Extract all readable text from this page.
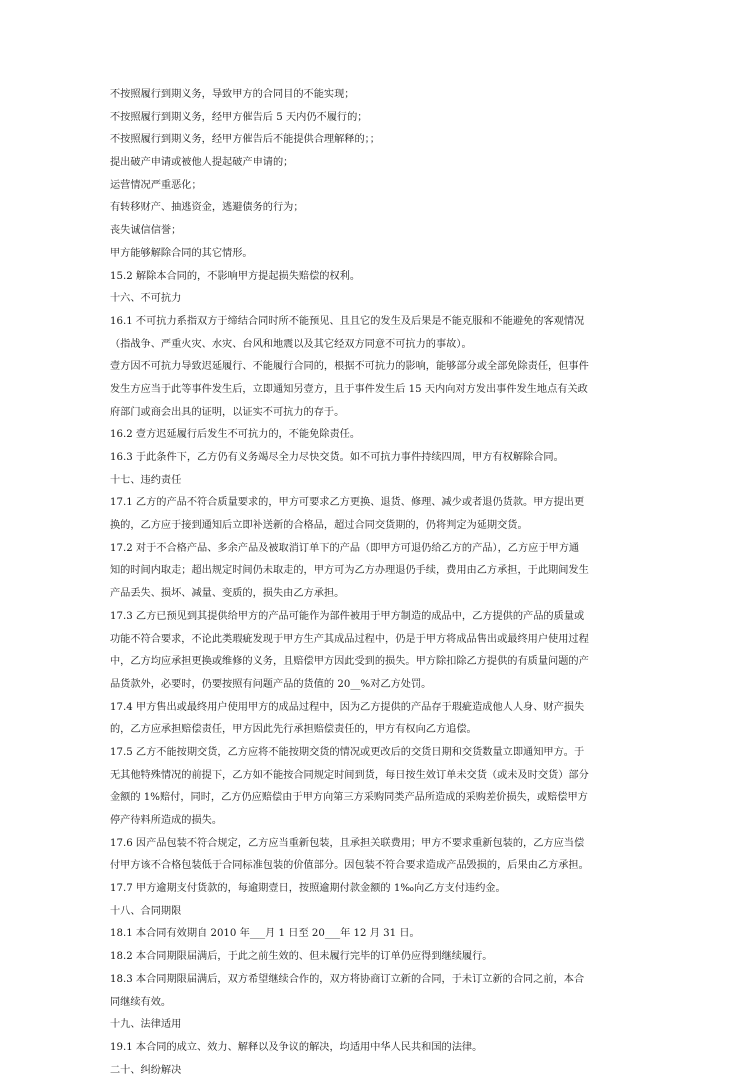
不按照履行到期义务，导致甲方的合同目的不能实现；
不按照履行到期义务，经甲方催告后 5 天内仍不履行的；
不按照履行到期义务，经甲方催告后不能提供合理解释的；；
提出破产申请或被他人提起破产申请的；
运营情况严重恶化；
有转移财产、抽逃资金，逃避债务的行为；
丧失诚信信誉；
甲方能够解除合同的其它情形。
15.2 解除本合同的，不影响甲方提起损失赔偿的权利。
十六、不可抗力
16.1 不可抗力系指双方于缔结合同时所不能预见、且且它的发生及后果是不能克服和不能避免的客观情况
（指战争、严重火灾、水灾、台风和地震以及其它经双方同意不可抗力的事故）。
壹方因不可抗力导致迟延履行、不能履行合同的，根据不可抗力的影响，能够部分或全部免除责任，但事件
发生方应当于此等事件发生后，立即通知另壹方，且于事件发生后 15 天内向对方发出事件发生地点有关政
府部门或商会出具的证明，以证实不可抗力的存于。
16.2 壹方迟延履行后发生不可抗力的，不能免除责任。
16.3 于此条件下，乙方仍有义务竭尽全力尽快交货。如不可抗力事件持续四周，甲方有权解除合同。
十七、违约责任
17.1 乙方的产品不符合质量要求的，甲方可要求乙方更换、退货、修理、减少或者退仍货款。甲方提出更
换的，乙方应于接到通知后立即补送新的合格品，超过合同交货期的，仍将判定为延期交货。
17.2 对于不合格产品、多余产品及被取消订单下的产品（即甲方可退仍给乙方的产品），乙方应于甲方通
知的时间内取走；超出规定时间仍未取走的，甲方可为乙方办理退仍手续，费用由乙方承担，于此期间发生
产品丢失、损坏、减量、变质的，损失由乙方承担。
17.3 乙方已预见到其提供给甲方的产品可能作为部件被用于甲方制造的成品中，乙方提供的产品的质量或
功能不符合要求，不论此类瑕疵发现于甲方生产其成品过程中，仍是于甲方将成品售出或最终用户使用过程
中，乙方均应承担更换或维修的义务，且赔偿甲方因此受到的损失。甲方除扣除乙方提供的有质量问题的产
品货款外，必要时，仍要按照有问题产品的货值的 20__%对乙方处罚。
17.4 甲方售出或最终用户使用甲方的成品过程中，因为乙方提供的产品存于瑕疵造成他人人身、财产损失
的，乙方应承担赔偿责任，甲方因此先行承担赔偿责任的，甲方有权向乙方追偿。
17.5 乙方不能按期交货，乙方应将不能按期交货的情况或更改后的交货日期和交货数量立即通知甲方。于
无其他特殊情况的前提下，乙方如不能按合同规定时间到货，每日按生效订单未交货（或未及时交货）部分
金额的 1%赔付，同时，乙方仍应赔偿由于甲方向第三方采购同类产品所造成的采购差价损失，或赔偿甲方
停产待料所造成的损失。
17.6 因产品包装不符合规定，乙方应当重新包装，且承担关联费用；甲方不要求重新包装的，乙方应当偿
付甲方该不合格包装低于合同标准包装的价值部分。因包装不符合要求造成产品毁损的，后果由乙方承担。
17.7 甲方逾期支付货款的，每逾期壹日，按照逾期付款金额的 1‰向乙方支付违约金。
十八、合同期限
18.1 本合同有效期自 2010 年___月 1 日至 20___年 12 月 31 日。
18.2 本合同期限届满后，于此之前生效的、但未履行完毕的订单仍应得到继续履行。
18.3 本合同期限届满后，双方希望继续合作的，双方将协商订立新的合同，于未订立新的合同之前，本合
同继续有效。
十九、法律适用
19.1 本合同的成立、效力、解释以及争议的解决，均适用中华人民共和国的法律。
二十、纠纷解决
